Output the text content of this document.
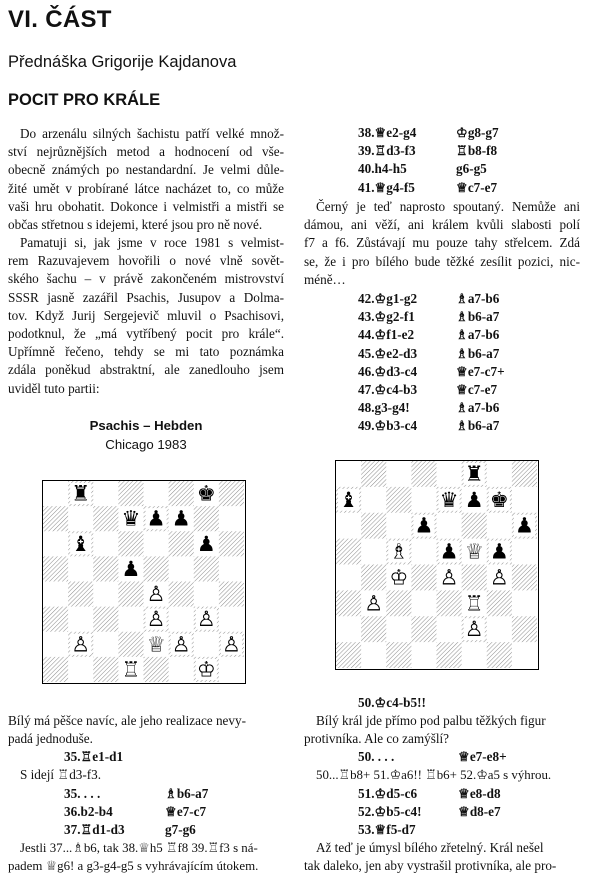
VI. ČÁST
Přednáška Grigorije Kajdanova
POCIT PRO KRÁLE
Do arzenálu silných šachistu patří velké množ-
ství nejrůznějších metod a hodnocení od vše-
obecně známých po nestandardní. Je velmi důle-
žité umět v probírané látce nacházet to, co může
vaši hru obohatit. Dokonce i velmistři a mistři se
občas střetnou s idejemi, které jsou pro ně nové.
Pamatuji si, jak jsme v roce 1981 s velmist-
rem Razuvajevem hovořili o nové vlně sovět-
ského šachu – v právě zakončeném mistrovství
SSSR jasně zazářil Psachis, Jusupov a Dolma-
tov. Když Jurij Sergejevič mluvil o Psachisovi,
podotknul, že „má vytříbený pocit pro krále“.
Upřímně řečeno, tehdy se mi tato poznámka
zdála poněkud abstraktní, ale zanedlouho jsem
uviděl tuto partii:
Psachis – Hebden
Chicago 1983
♜	♚
♛ ♟ ♟
♝	♟
♟
♙
♙ ♙
♙	♙ ♙
♕
♖	♔
Bílý má pěšce navíc, ale jeho realizace nevy-
padá jednoduše.
35.♖e1-d1
S idejí ♖d3-f3.
35. . . .	♗b6-a7
36.b2-b4	♕e7-c7
37.♖d1-d3	g7-g6
Jestli 37...♗b6, tak 38.♕h5 ♖f8 39.♖f3 s ná-
padem ♕g6! a g3-g4-g5 s vyhrávajícím útokem.
38.♕e2-g4	♔g8-g7
39.♖d3-f3	♖b8-f8
40.h4-h5	g6-g5
41.♕g4-f5	♕c7-e7
Černý je teď naprosto spoutaný. Nemůže ani
dámou, ani věží, ani králem kvůli slabosti polí
f7 a f6. Zůstávají mu pouze tahy střelcem. Zdá
se, že i pro bílého bude těžké zesílit pozici, nic-
méně…
42.♔g1-g2	♗a7-b6
43.♔g2-f1	♗b6-a7
44.♔f1-e2	♗a7-b6
45.♔e2-d3	♗b6-a7
46.♔d3-c4	♕e7-c7+
47.♔c4-b3	♕c7-e7
48.g3-g4!	♗a7-b6
49.♔b3-c4	♗b6-a7
♜
♝	♛ ♟ ♚
♟	♟
♗ ♟ ♕ ♟
♔ ♙ ♙
♙	♖
♙
50.♔c4-b5!!
Bílý král jde přímo pod palbu těžkých figur
protivníka. Ale co zamýšlí?
50. . . .	♕e7-e8+
50...♖b8+ 51.♔a6!! ♖b6+ 52.♔a5 s výhrou.
51.♔d5-c6	♕e8-d8
52.♔b5-c4!	♕d8-e7
53.♕f5-d7
Až teď je úmysl bílého zřetelný. Král nešel
tak daleko, jen aby vystrašil protivníka, ale pro-
